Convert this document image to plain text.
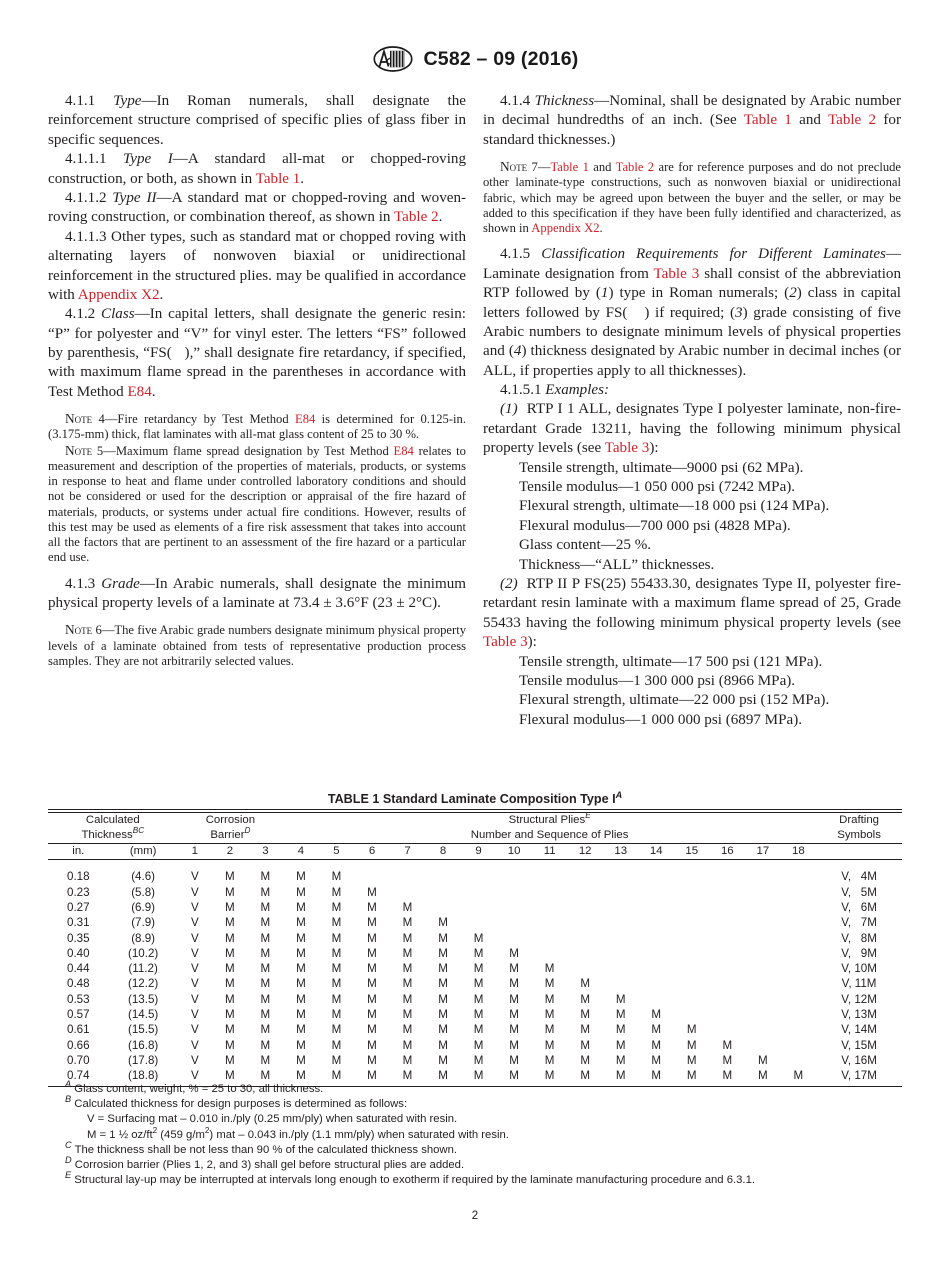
C582 – 09 (2016)

4.1.1 Type—In Roman numerals, shall designate the reinforcement structure comprised of specific plies of glass fiber in specific sequences.

4.1.1.1 Type I—A standard all-mat or chopped-roving construction, or both, as shown in Table 1.

4.1.1.2 Type II—A standard mat or chopped-roving and woven-roving construction, or combination thereof, as shown in Table 2.

4.1.1.3 Other types, such as standard mat or chopped roving with alternating layers of nonwoven biaxial or unidirectional reinforcement in the structured plies. may be qualified in accordance with Appendix X2.

4.1.2 Class—In capital letters, shall designate the generic resin: “P” for polyester and “V” for vinyl ester. The letters “FS” followed by parenthesis, “FS(   ),” shall designate fire retardancy, if specified, with maximum flame spread in the parentheses in accordance with Test Method E84.

Note 4—Fire retardancy by Test Method E84 is determined for 0.125-in. (3.175-mm) thick, flat laminates with all-mat glass content of 25 to 30 %.

Note 5—Maximum flame spread designation by Test Method E84 relates to measurement and description of the properties of materials, products, or systems in response to heat and flame under controlled laboratory conditions and should not be considered or used for the description or appraisal of the fire hazard of materials, products, or systems under actual fire conditions. However, results of this test may be used as elements of a fire risk assessment that takes into account all the factors that are pertinent to an assessment of the fire hazard or a particular end use.

4.1.3 Grade—In Arabic numerals, shall designate the minimum physical property levels of a laminate at 73.4 ± 3.6°F (23 ± 2°C).

Note 6—The five Arabic grade numbers designate minimum physical property levels of a laminate obtained from tests of representative production process samples. They are not arbitrarily selected values.

4.1.4 Thickness—Nominal, shall be designated by Arabic number in decimal hundredths of an inch. (See Table 1 and Table 2 for standard thicknesses.)

Note 7—Table 1 and Table 2 are for reference purposes and do not preclude other laminate-type constructions, such as nonwoven biaxial or unidirectional fabric, which may be agreed upon between the buyer and the seller, or may be added to this specification if they have been fully identified and characterized, as shown in Appendix X2.

4.1.5 Classification Requirements for Different Laminates—Laminate designation from Table 3 shall consist of the abbreviation RTP followed by (1) type in Roman numerals; (2) class in capital letters followed by FS(   ) if required; (3) grade consisting of five Arabic numbers to designate minimum levels of physical properties and (4) thickness designated by Arabic number in decimal inches (or ALL, if properties apply to all thicknesses).

4.1.5.1 Examples:

(1)  RTP I 1 ALL, designates Type I polyester laminate, non-fire-retardant Grade 13211, having the following minimum physical property levels (see Table 3):

Tensile strength, ultimate—9000 psi (62 MPa).

Tensile modulus—1 050 000 psi (7242 MPa).

Flexural strength, ultimate—18 000 psi (124 MPa).

Flexural modulus—700 000 psi (4828 MPa).

Glass content—25 %.

Thickness—“ALL” thicknesses.

(2)  RTP II P FS(25) 55433.30, designates Type II, polyester fire-retardant resin laminate with a maximum flame spread of 25, Grade 55433 having the following minimum physical property levels (see Table 3):

Tensile strength, ultimate—17 500 psi (121 MPa).

Tensile modulus—1 300 000 psi (8966 MPa).

Flexural strength, ultimate—22 000 psi (152 MPa).

Flexural modulus—1 000 000 psi (6897 MPa).

TABLE 1 Standard Laminate Composition Type $I^A$
Calculated
Thickness$^{BC}$		Corrosion
Barrier$^D$			Structural Plies$^E$
Number and Sequence of Plies															Drafting
Symbols
in.	(mm)	1	2	3	4	5	6	7	8	9	10	11	12	13	14	15	16	17	18	
0.18	(4.6)	V	M	M	M	M														V,   4M
0.23	(5.8)	V	M	M	M	M	M													V,   5M
0.27	(6.9)	V	M	M	M	M	M	M												V,   6M
0.31	(7.9)	V	M	M	M	M	M	M	M											V,   7M
0.35	(8.9)	V	M	M	M	M	M	M	M	M										V,   8M
0.40	(10.2)	V	M	M	M	M	M	M	M	M	M									V,   9M
0.44	(11.2)	V	M	M	M	M	M	M	M	M	M	M								V, 10M
0.48	(12.2)	V	M	M	M	M	M	M	M	M	M	M	M							V, 11M
0.53	(13.5)	V	M	M	M	M	M	M	M	M	M	M	M	M						V, 12M
0.57	(14.5)	V	M	M	M	M	M	M	M	M	M	M	M	M	M					V, 13M
0.61	(15.5)	V	M	M	M	M	M	M	M	M	M	M	M	M	M	M				V, 14M
0.66	(16.8)	V	M	M	M	M	M	M	M	M	M	M	M	M	M	M	M			V, 15M
0.70	(17.8)	V	M	M	M	M	M	M	M	M	M	M	M	M	M	M	M	M		V, 16M
0.74	(18.8)	V	M	M	M	M	M	M	M	M	M	M	M	M	M	M	M	M	M	V, 17M

$^A$ Glass content, weight, % = 25 to 30, all thickness.

$^B$ Calculated thickness for design purposes is determined as follows:

V = Surfacing mat – 0.010 in./ply (0.25 mm/ply) when saturated with resin.

M = 1 ½ $oz/ft^2$ (459 $g/m^2$) mat – 0.043 in./ply (1.1 mm/ply) when saturated with resin.

$^C$ The thickness shall be not less than 90 % of the calculated thickness shown.

$^D$ Corrosion barrier (Plies 1, 2, and 3) shall gel before structural plies are added.

$^E$ Structural lay-up may be interrupted at intervals long enough to exotherm if required by the laminate manufacturing procedure and 6.3.1.

2
